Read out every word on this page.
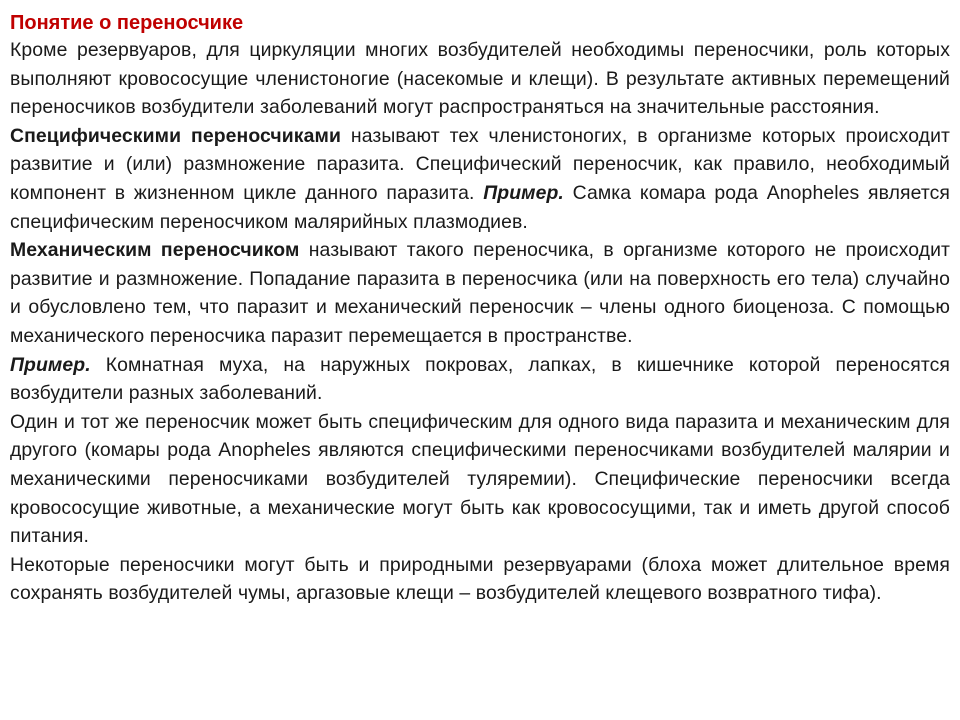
Понятие о переносчике

Кроме резервуаров, для циркуляции многих возбудителей необходимы переносчики, роль которых выполняют кровососущие членистоногие (насекомые и клещи). В результате активных перемещений переносчиков возбудители заболеваний могут распространяться на значительные расстояния.

Специфическими переносчиками называют тех членистоногих, в организме которых происходит развитие и (или) размножение паразита. Специфический переносчик, как правило, необходимый компонент в жизненном цикле данного паразита. Пример. Самка комара рода Anopheles является специфическим переносчиком малярийных плазмодиев.

Механическим переносчиком называют такого переносчика, в организме которого не происходит развитие и размножение. Попадание паразита в переносчика (или на поверхность его тела) случайно и обусловлено тем, что паразит и механический переносчик – члены одного биоценоза. С помощью механического переносчика паразит перемещается в пространстве.

Пример. Комнатная муха, на наружных покровах, лапках, в кишечнике которой переносятся возбудители разных заболеваний.

Один и тот же переносчик может быть специфическим для одного вида паразита и механическим для другого (комары рода Anopheles являются специфическими переносчиками возбудителей малярии и механическими переносчиками возбудителей туляремии). Специфические переносчики всегда кровососущие животные, а механические могут быть как кровососущими, так и иметь другой способ питания.

Некоторые переносчики могут быть и природными резервуарами (блоха может длительное время сохранять возбудителей чумы, аргазовые клещи – возбудителей клещевого возвратного тифа).
